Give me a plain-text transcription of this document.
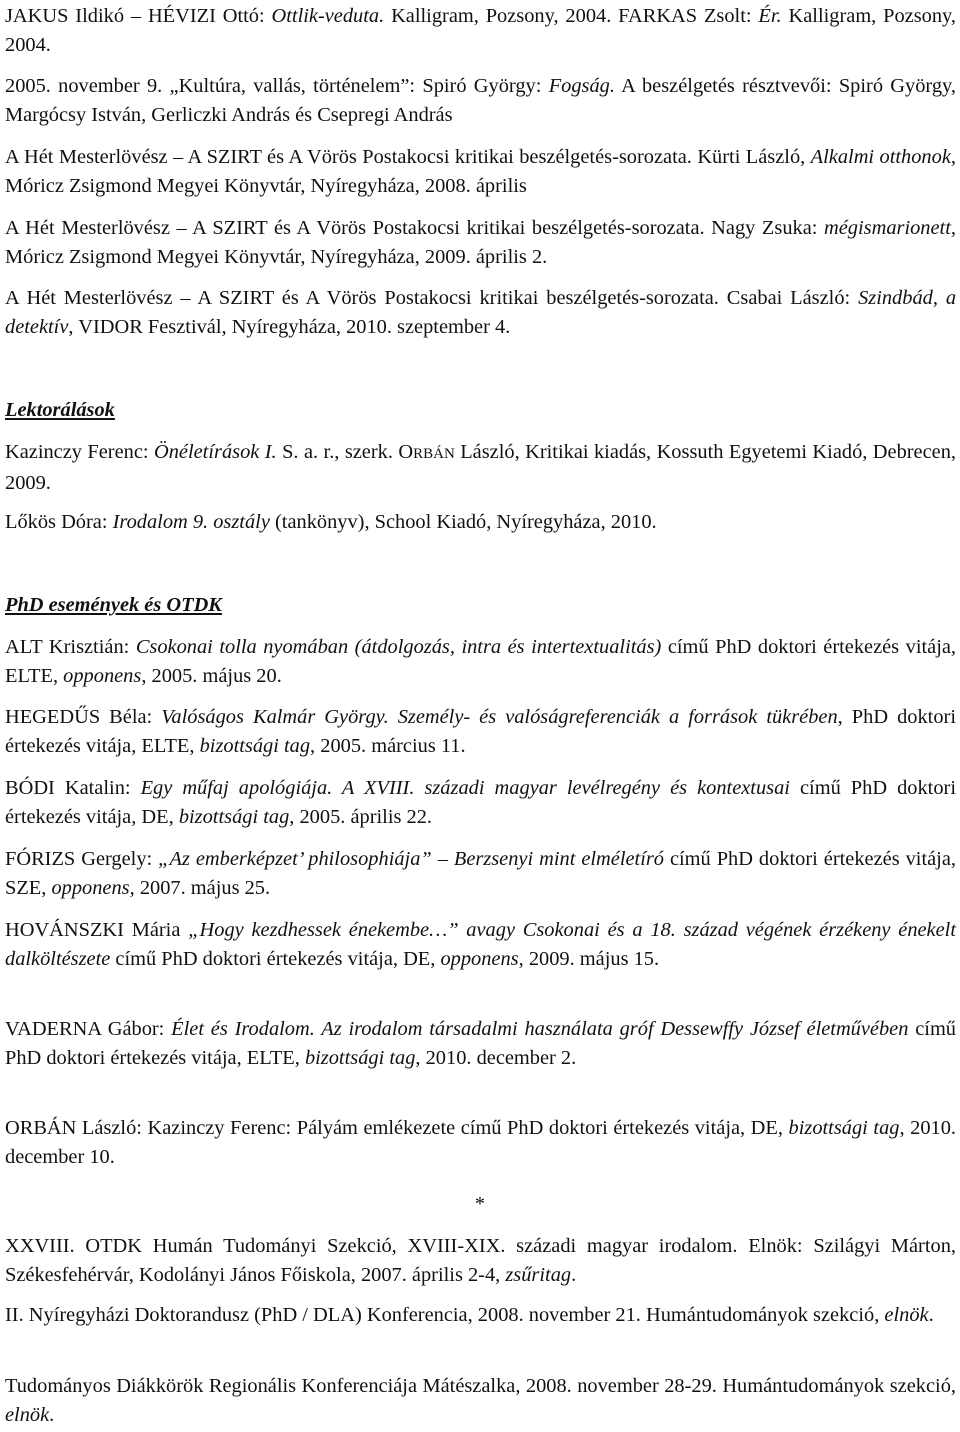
JAKUS Ildikó – HÉVIZI Ottó: Ottlik-veduta. Kalligram, Pozsony, 2004. FARKAS Zsolt: Ér. Kalligram, Pozsony, 2004.

2005. november 9. „Kultúra, vallás, történelem”: Spiró György: Fogság. A beszélgetés résztvevői: Spiró György, Margócsy István, Gerliczki András és Csepregi András

A Hét Mesterlövész – A SZIRT és A Vörös Postakocsi kritikai beszélgetés-sorozata. Kürti László, Alkalmi otthonok, Móricz Zsigmond Megyei Könyvtár, Nyíregyháza, 2008. április

A Hét Mesterlövész – A SZIRT és A Vörös Postakocsi kritikai beszélgetés-sorozata. Nagy Zsuka: mégismarionett, Móricz Zsigmond Megyei Könyvtár, Nyíregyháza, 2009. április 2.

A Hét Mesterlövész – A SZIRT és A Vörös Postakocsi kritikai beszélgetés-sorozata. Csabai László: Szindbád, a detektív, VIDOR Fesztivál, Nyíregyháza, 2010. szeptember 4.

Lektorálások

Kazinczy Ferenc: Önéletírások I. S. a. r., szerk. ORBÁN László, Kritikai kiadás, Kossuth Egyetemi Kiadó, Debrecen, 2009.

Lőkös Dóra: Irodalom 9. osztály (tankönyv), School Kiadó, Nyíregyháza, 2010.

PhD események és OTDK

ALT Krisztián: Csokonai tolla nyomában (átdolgozás, intra és intertextualitás) című PhD doktori értekezés vitája, ELTE, opponens, 2005. május 20.

HEGEDŰS Béla: Valóságos Kalmár György. Személy- és valóságreferenciák a források tükrében, PhD doktori értekezés vitája, ELTE, bizottsági tag, 2005. március 11.

BÓDI Katalin: Egy műfaj apológiája. A XVIII. századi magyar levélregény és kontextusai című PhD doktori értekezés vitája, DE, bizottsági tag, 2005. április 22.

FÓRIZS Gergely: „Az emberképzet’ philosophiája” – Berzsenyi mint elméletíró című PhD doktori értekezés vitája, SZE, opponens, 2007. május 25.

HOVÁNSZKI Mária „Hogy kezdhessek énekembe…” avagy Csokonai és a 18. század végének érzékeny énekelt dalköltészete című PhD doktori értekezés vitája, DE, opponens, 2009. május 15.

VADERNA Gábor: Élet és Irodalom. Az irodalom társadalmi használata gróf Dessewffy József életművében című PhD doktori értekezés vitája, ELTE, bizottsági tag, 2010. december 2.

ORBÁN László: Kazinczy Ferenc: Pályám emlékezete című PhD doktori értekezés vitája, DE, bizottsági tag, 2010. december 10.

*

XXVIII. OTDK Humán Tudományi Szekció, XVIII-XIX. századi magyar irodalom. Elnök: Szilágyi Márton, Székesfehérvár, Kodolányi János Főiskola, 2007. április 2-4, zsűritag.

II. Nyíregyházi Doktorandusz (PhD / DLA) Konferencia, 2008. november 21. Humántudományok szekció, elnök.

Tudományos Diákkörök Regionális Konferenciája Mátészalka, 2008. november 28-29. Humántudományok szekció, elnök.
